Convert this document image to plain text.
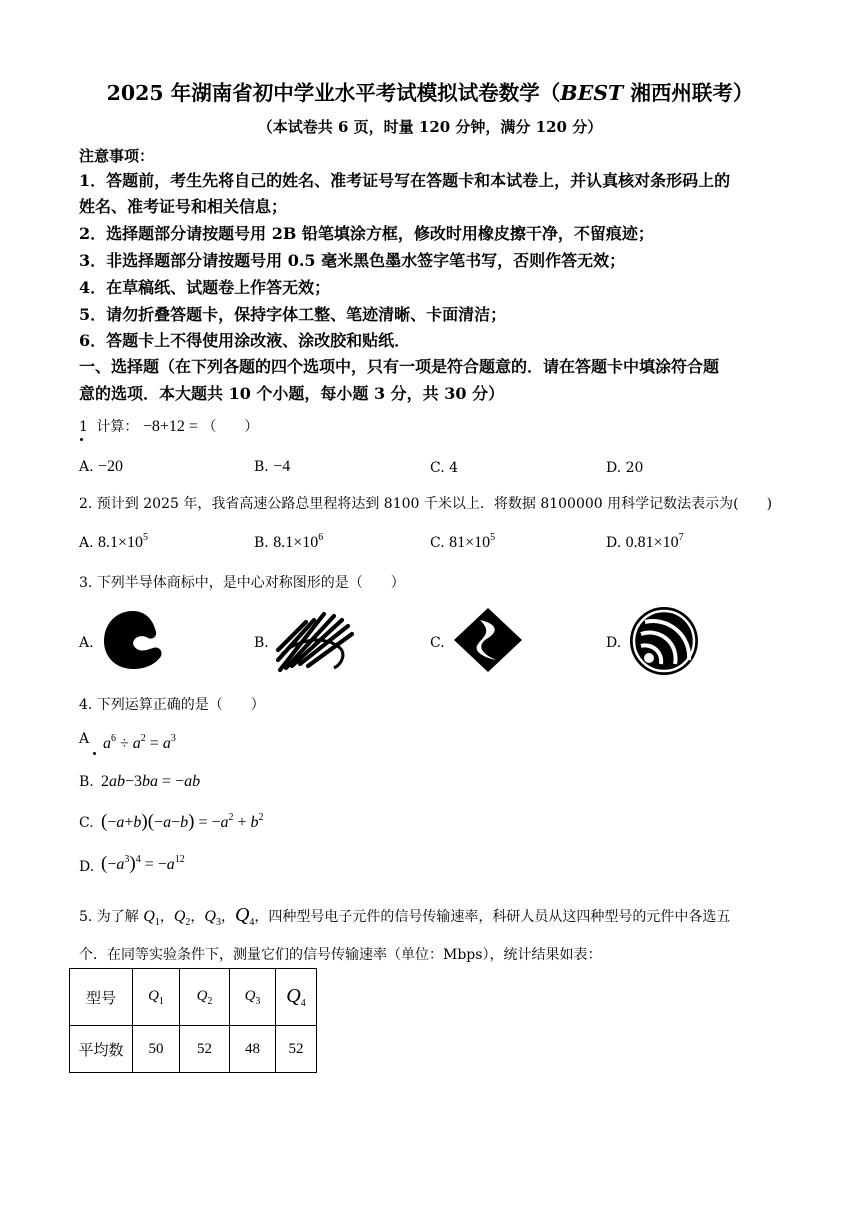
2025 年湖南省初中学业水平考试模拟试卷数学（BEST 湘西州联考）
（本试卷共 6 页，时量 120 分钟，满分 120 分）
注意事项：
1．答题前，考生先将自己的姓名、准考证号写在答题卡和本试卷上，并认真核对条形码上的
姓名、准考证号和相关信息；
2．选择题部分请按题号用 2B 铅笔填涂方框，修改时用橡皮擦干净，不留痕迹；
3．非选择题部分请按题号用 0.5 毫米黑色墨水签字笔书写，否则作答无效；
4．在草稿纸、试题卷上作答无效；
5．请勿折叠答题卡，保持字体工整、笔迹清晰、卡面清洁；
6．答题卡上不得使用涂改液、涂改胶和贴纸．
一、选择题（在下列各题的四个选项中，只有一项是符合题意的．请在答题卡中填涂符合题
意的选项．本大题共 10 个小题，每小题 3 分，共 30 分）
1 计算： −8+12 = （　　）
A. −20	B. −4	C. 4	D. 20
2. 预计到 2025 年，我省高速公路总里程将达到 8100 千米以上．将数据 8100000 用科学记数法表示为(　　)
A. $8.1\times 10^5$	B. $8.1\times 10^6$	C. $81\times 10^5$	D. $0.81\times 10^7$
3. 下列半导体商标中，是中心对称图形的是（　　）
A.	B.	C.	D.
4. 下列运算正确的是（　　）
A $a^6 \div a^2 = a^3$
B. 2ab−3ba = −ab
C. $(-a+b)(-a-b) = -a^2 + b^2$
D. $(-a^3)^4 = -a^{12}$
5. 为了解 $Q_1$，$Q_2$，$Q_3$，$Q_4$，四种型号电子元件的信号传输速率，科研人员从这四种型号的元件中各选五
个．在同等实验条件下，测量它们的信号传输速率（单位：Mbps），统计结果如表：
型号	$Q_1$	$Q_2$	$Q_3$	$Q_4$
平均数	50	52	48	52
